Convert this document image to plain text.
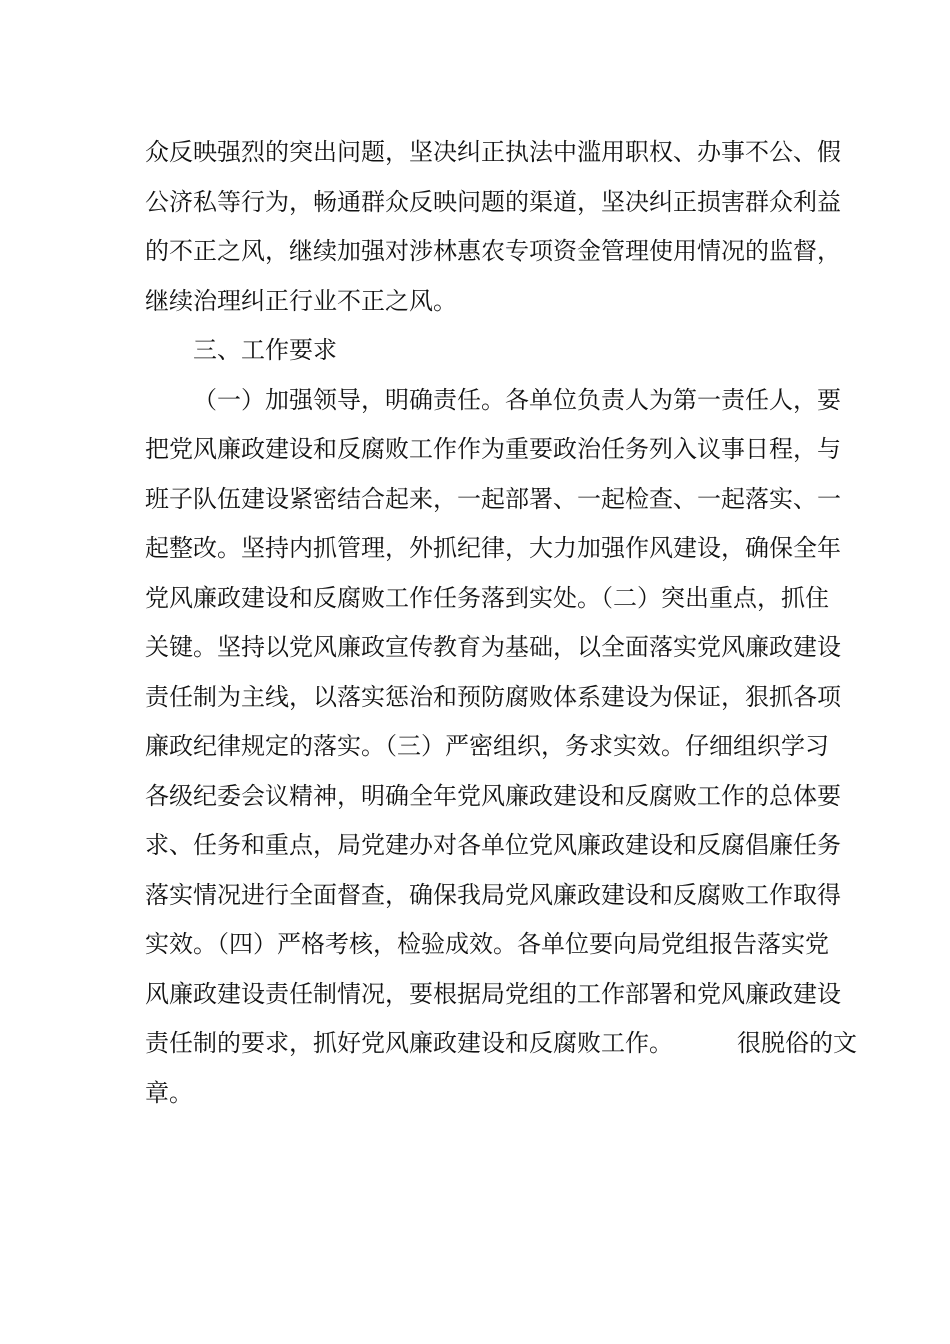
众反映强烈的突出问题，坚决纠正执法中滥用职权、办事不公、假
公济私等行为，畅通群众反映问题的渠道，坚决纠正损害群众利益
的不正之风，继续加强对涉林惠农专项资金管理使用情况的监督，
继续治理纠正行业不正之风。
三、工作要求
（一）加强领导，明确责任。各单位负责人为第一责任人，要
把党风廉政建设和反腐败工作作为重要政治任务列入议事日程，与
班子队伍建设紧密结合起来，一起部署、一起检查、一起落实、一
起整改。坚持内抓管理，外抓纪律，大力加强作风建设，确保全年
党风廉政建设和反腐败工作任务落到实处。（二）突出重点，抓住
关键。坚持以党风廉政宣传教育为基础，以全面落实党风廉政建设
责任制为主线，以落实惩治和预防腐败体系建设为保证，狠抓各项
廉政纪律规定的落实。（三）严密组织，务求实效。仔细组织学习
各级纪委会议精神，明确全年党风廉政建设和反腐败工作的总体要
求、任务和重点，局党建办对各单位党风廉政建设和反腐倡廉任务
落实情况进行全面督查，确保我局党风廉政建设和反腐败工作取得
实效。（四）严格考核，检验成效。各单位要向局党组报告落实党
风廉政建设责任制情况，要根据局党组的工作部署和党风廉政建设
责任制的要求，抓好党风廉政建设和反腐败工作。	很脱俗的文
章。
